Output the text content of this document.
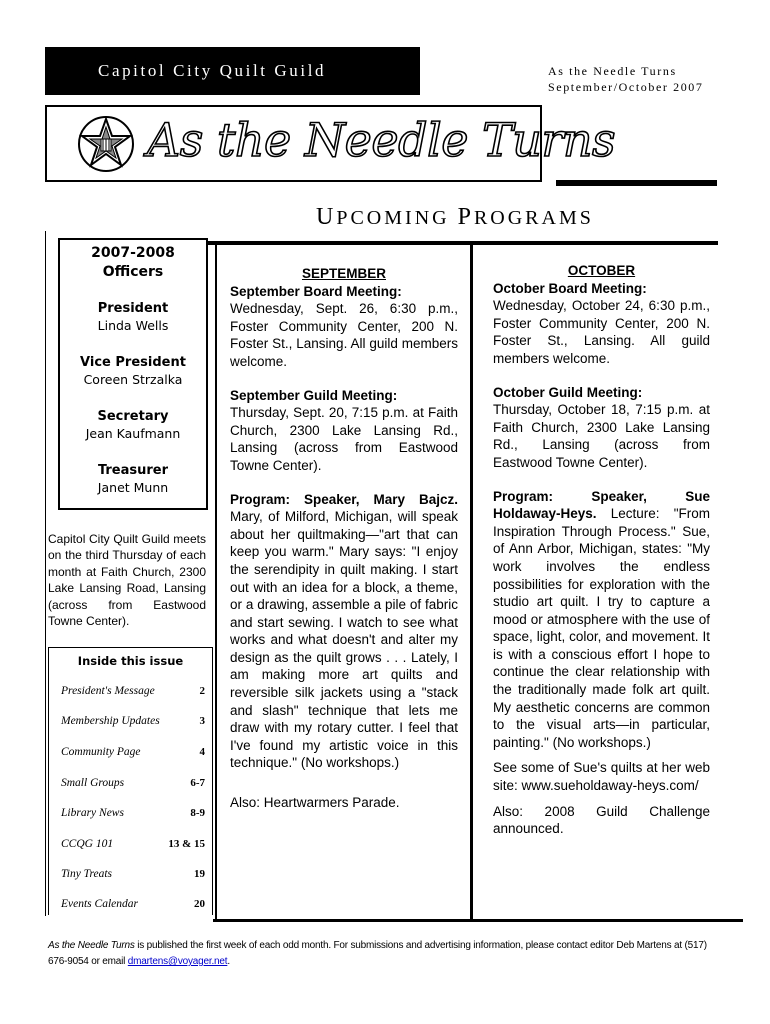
Capitol City Quilt Guild	As the Needle Turns
September/October 2007
As the Needle Turns
UPCOMING PROGRAMS
2007-2008
Officers
President
Linda Wells
Vice President
Coreen Strzalka
Secretary
Jean Kaufmann
Treasurer
Janet Munn
Capitol City Quilt Guild meets on the third Thursday of each month at Faith Church, 2300 Lake Lansing Road, Lansing (across from Eastwood Towne Center).
Inside this issue
President's Message	2
Membership Updates	3
Community Page	4
Small Groups	6-7
Library News	8-9
CCQG 101	13 & 15
Tiny Treats	19
Events Calendar	20
SEPTEMBER
September Board Meeting:

Wednesday, Sept. 26, 6:30 p.m., Foster Community Center, 200 N. Foster St., Lansing. All guild members welcome.

September Guild Meeting:

Thursday, Sept. 20, 7:15 p.m. at Faith Church, 2300 Lake Lansing Rd., Lansing (across from Eastwood Towne Center).

Program: Speaker, Mary Bajcz. Mary, of Milford, Michigan, will speak about her quiltmaking—"art that can keep you warm." Mary says: "I enjoy the serendipity in quilt making. I start out with an idea for a block, a theme, or a drawing, assemble a pile of fabric and start sewing. I watch to see what works and what doesn't and alter my design as the quilt grows . . . Lately, I am making more art quilts and reversible silk jackets using a "stack and slash" technique that lets me draw with my rotary cutter. I feel that I've found my artistic voice in this technique." (No workshops.)

Also: Heartwarmers Parade.

OCTOBER
October Board Meeting:

Wednesday, October 24, 6:30 p.m., Foster Community Center, 200 N. Foster St., Lansing. All guild members welcome.

October Guild Meeting:

Thursday, October 18, 7:15 p.m. at Faith Church, 2300 Lake Lansing Rd., Lansing (across from Eastwood Towne Center).

Program: Speaker, Sue Holdaway-Heys. Lecture: "From Inspiration Through Process." Sue, of Ann Arbor, Michigan, states: "My work involves the endless possibilities for exploration with the studio art quilt. I try to capture a mood or atmosphere with the use of space, light, color, and movement. It is with a conscious effort I hope to continue the clear relationship with the traditionally made folk art quilt. My aesthetic concerns are common to the visual arts—in particular, painting." (No workshops.)

See some of Sue's quilts at her web site: www.sueholdaway-heys.com/

Also: 2008 Guild Challenge announced.

As the Needle Turns is published the first week of each odd month. For submissions and advertising information, please contact editor Deb Martens at (517) 676-9054 or email dmartens@voyager.net.
